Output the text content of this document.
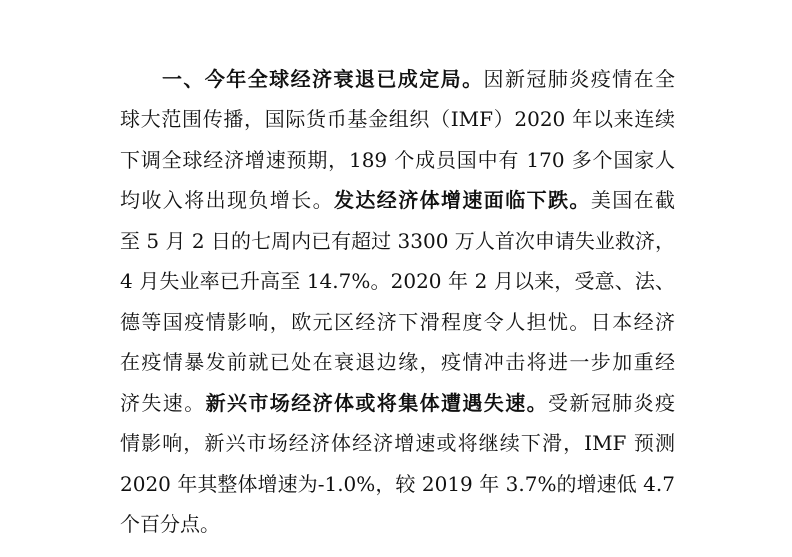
一、今年全球经济衰退已成定局。因新冠肺炎疫情在全
球大范围传播，国际货币基金组织（IMF）2020 年以来连续
下调全球经济增速预期，189 个成员国中有 170 多个国家人
均收入将出现负增长。发达经济体增速面临下跌。美国在截
至 5 月 2 日的七周内已有超过 3300 万人首次申请失业救济，
4 月失业率已升高至 14.7%。2020 年 2 月以来，受意、法、
德等国疫情影响，欧元区经济下滑程度令人担忧。日本经济
在疫情暴发前就已处在衰退边缘，疫情冲击将进一步加重经
济失速。新兴市场经济体或将集体遭遇失速。受新冠肺炎疫
情影响，新兴市场经济体经济增速或将继续下滑，IMF 预测
2020 年其整体增速为-1.0%，较 2019 年 3.7%的增速低 4.7
个百分点。
